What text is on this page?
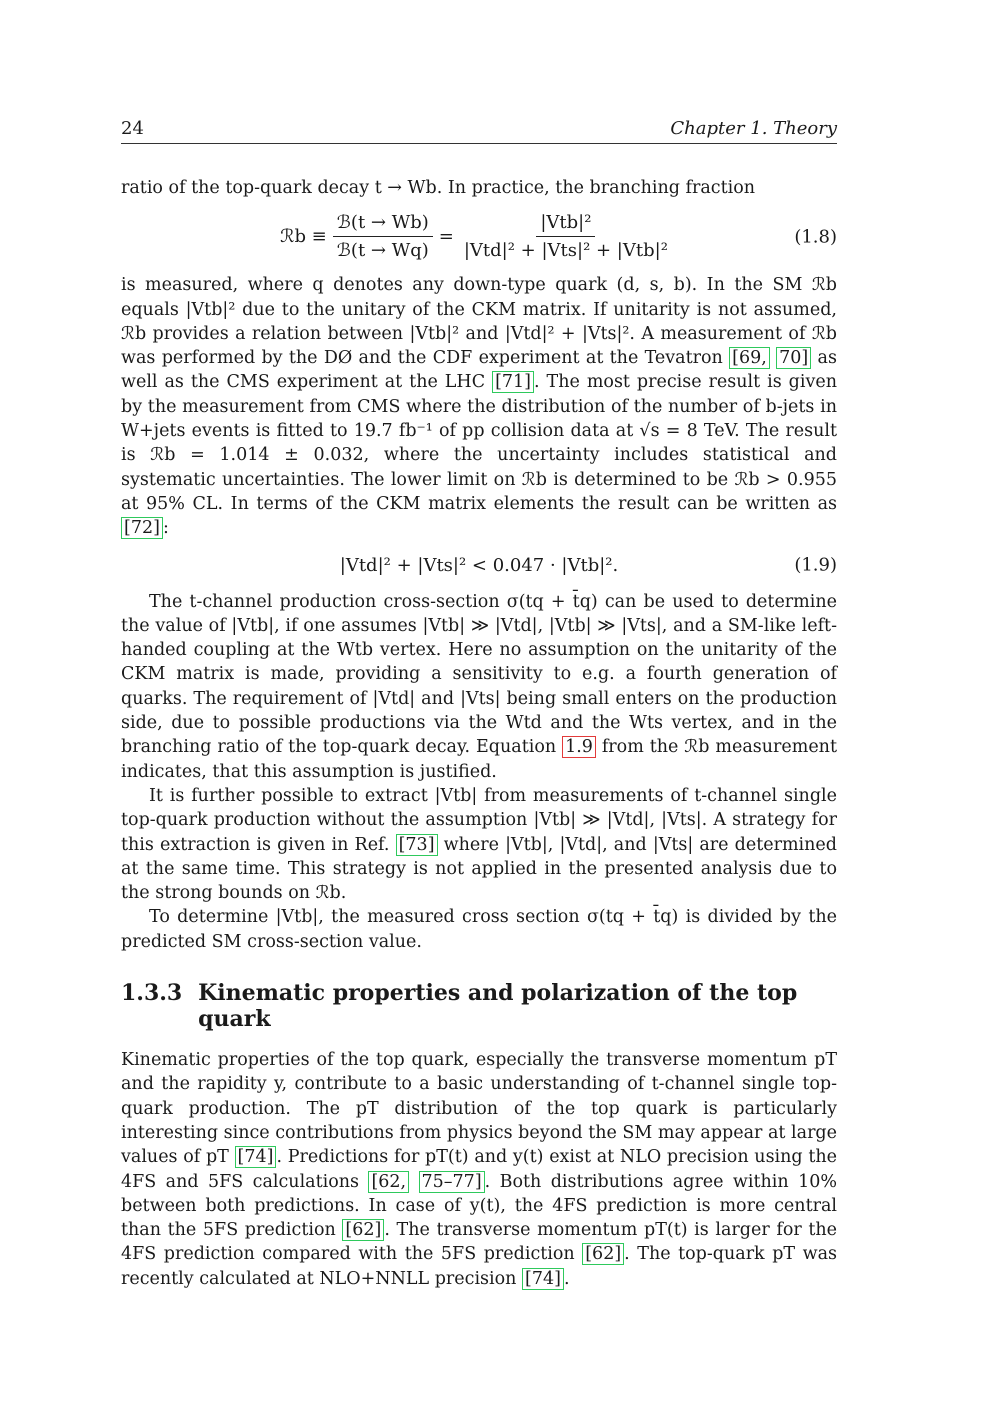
24	Chapter 1. Theory

ratio of the top-quark decay t → Wb. In practice, the branching fraction

ℛb ≡ $\frac{\text{ℬ(t → Wb)}}{\text{ℬ(t → Wq)}} = \frac{\text{|Vtb|²}}{\text{|Vtd|² + |Vts|² + |Vtb|²}}$	(1.8)

is measured, where q denotes any down-type quark (d, s, b). In the SM ℛb equals |Vtb|² due to the unitary of the CKM matrix. If unitarity is not assumed, ℛb provides a relation between |Vtb|² and |Vtd|² + |Vts|². A measurement of ℛb was performed by the DØ and the CDF experiment at the Tevatron [69, 70] as well as the CMS experiment at the LHC [71] . The most precise result is given by the measurement from CMS where the distribution of the number of b-jets in W+jets events is fitted to 19.7 fb⁻¹ of pp collision data at √s = 8 TeV. The result is ℛb = 1.014 ± 0.032, where the uncertainty includes statistical and systematic uncertainties. The lower limit on ℛb is determined to be ℛb > 0.955 at 95% CL. In terms of the CKM matrix elements the result can be written as [72] :

|Vtd|² + |Vts|² < 0.047 · |Vtb|².	(1.9)

The t-channel production cross-section σ(tq + t̄q) can be used to determine the value of |Vtb|, if one assumes |Vtb| ≫ |Vtd|, |Vtb| ≫ |Vts|, and a SM-like left-handed coupling at the Wtb vertex. Here no assumption on the unitarity of the CKM matrix is made, providing a sensitivity to e.g. a fourth generation of quarks. The requirement of |Vtd| and |Vts| being small enters on the production side, due to possible productions via the Wtd and the Wts vertex, and in the branching ratio of the top-quark decay. Equation 1.9 from the ℛb measurement indicates, that this assumption is justified.

It is further possible to extract |Vtb| from measurements of t-channel single top-quark production without the assumption |Vtb| ≫ |Vtd|, |Vts|. A strategy for this extraction is given in Ref. [73] where |Vtb|, |Vtd|, and |Vts| are determined at the same time. This strategy is not applied in the presented analysis due to the strong bounds on ℛb.

To determine |Vtb|, the measured cross section σ(tq + t̄q) is divided by the predicted SM cross-section value.

1.3.3 Kinematic properties and polarization of the top quark

Kinematic properties of the top quark, especially the transverse momentum pT and the rapidity y, contribute to a basic understanding of t-channel single top-quark production. The pT distribution of the top quark is particularly interesting since contributions from physics beyond the SM may appear at large values of pT [74] . Predictions for pT(t) and y(t) exist at NLO precision using the 4FS and 5FS calculations [62, 75–77] . Both distributions agree within 10% between both predictions. In case of y(t), the 4FS prediction is more central than the 5FS prediction [62] . The transverse momentum pT(t) is larger for the 4FS prediction compared with the 5FS prediction [62] . The top-quark pT was recently calculated at NLO+NNLL precision [74] .
